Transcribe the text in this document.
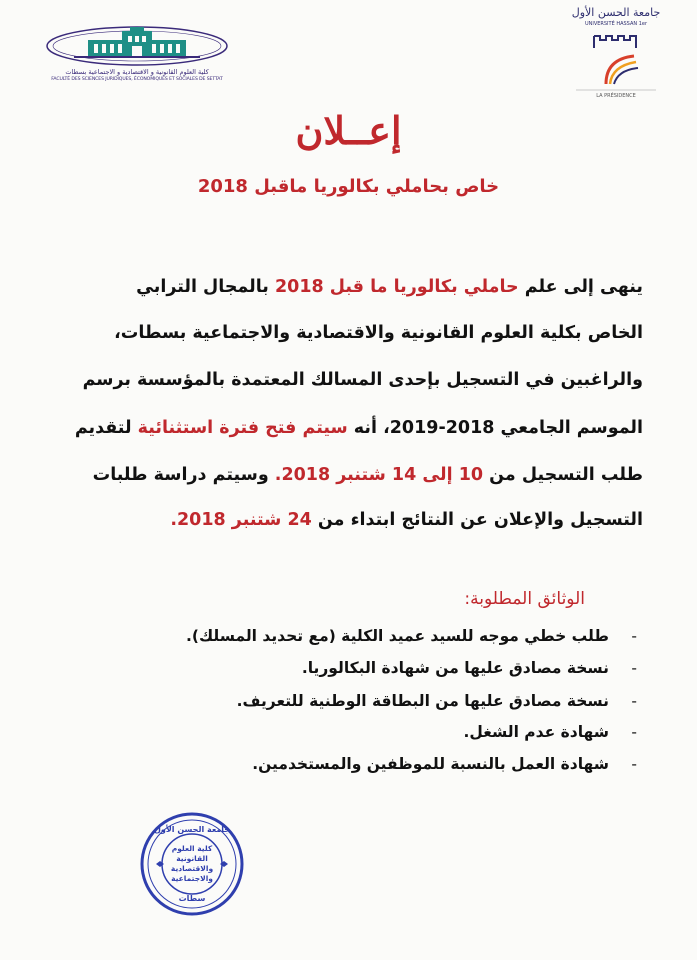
كلية العلوم القانونية و الاقتصادية و الاجتماعية بسطات
FACULTÉ DES SCIENCES JURIDIQUES, ÉCONOMIQUES ET SOCIALES DE SETTAT
جامعة الحسن الأول
UNIVERSITÉ HASSAN 1er
LA PRÉSIDENCE
إعــلان
خاص بحاملي بكالوريا ماقبل 2018
ينهى إلى علم حاملي بكالوريا ما قبل 2018 بالمجال الترابي
الخاص بكلية العلوم القانونية والاقتصادية والاجتماعية بسطات،
والراغبين في التسجيل بإحدى المسالك المعتمدة بالمؤسسة برسم
الموسم الجامعي 2018-2019، أنه سيتم فتح فترة استثنائية لتقديم
طلب التسجيل من 10 إلى 14 شتنبر 2018. وسيتم دراسة طلبات
التسجيل والإعلان عن النتائج ابتداء من 24 شتنبر 2018.
الوثائق المطلوبة:
- طلب خطي موجه للسيد عميد الكلية (مع تحديد المسلك).
- نسخة مصادق عليها من شهادة البكالوريا.
- نسخة مصادق عليها من البطاقة الوطنية للتعريف.
- شهادة عدم الشغل.
- شهادة العمل بالنسبة للموظفين والمستخدمين.
جامعة الحسن الأول
كلية العلوم القانونية والاقتصادية والاجتماعية
سطات
